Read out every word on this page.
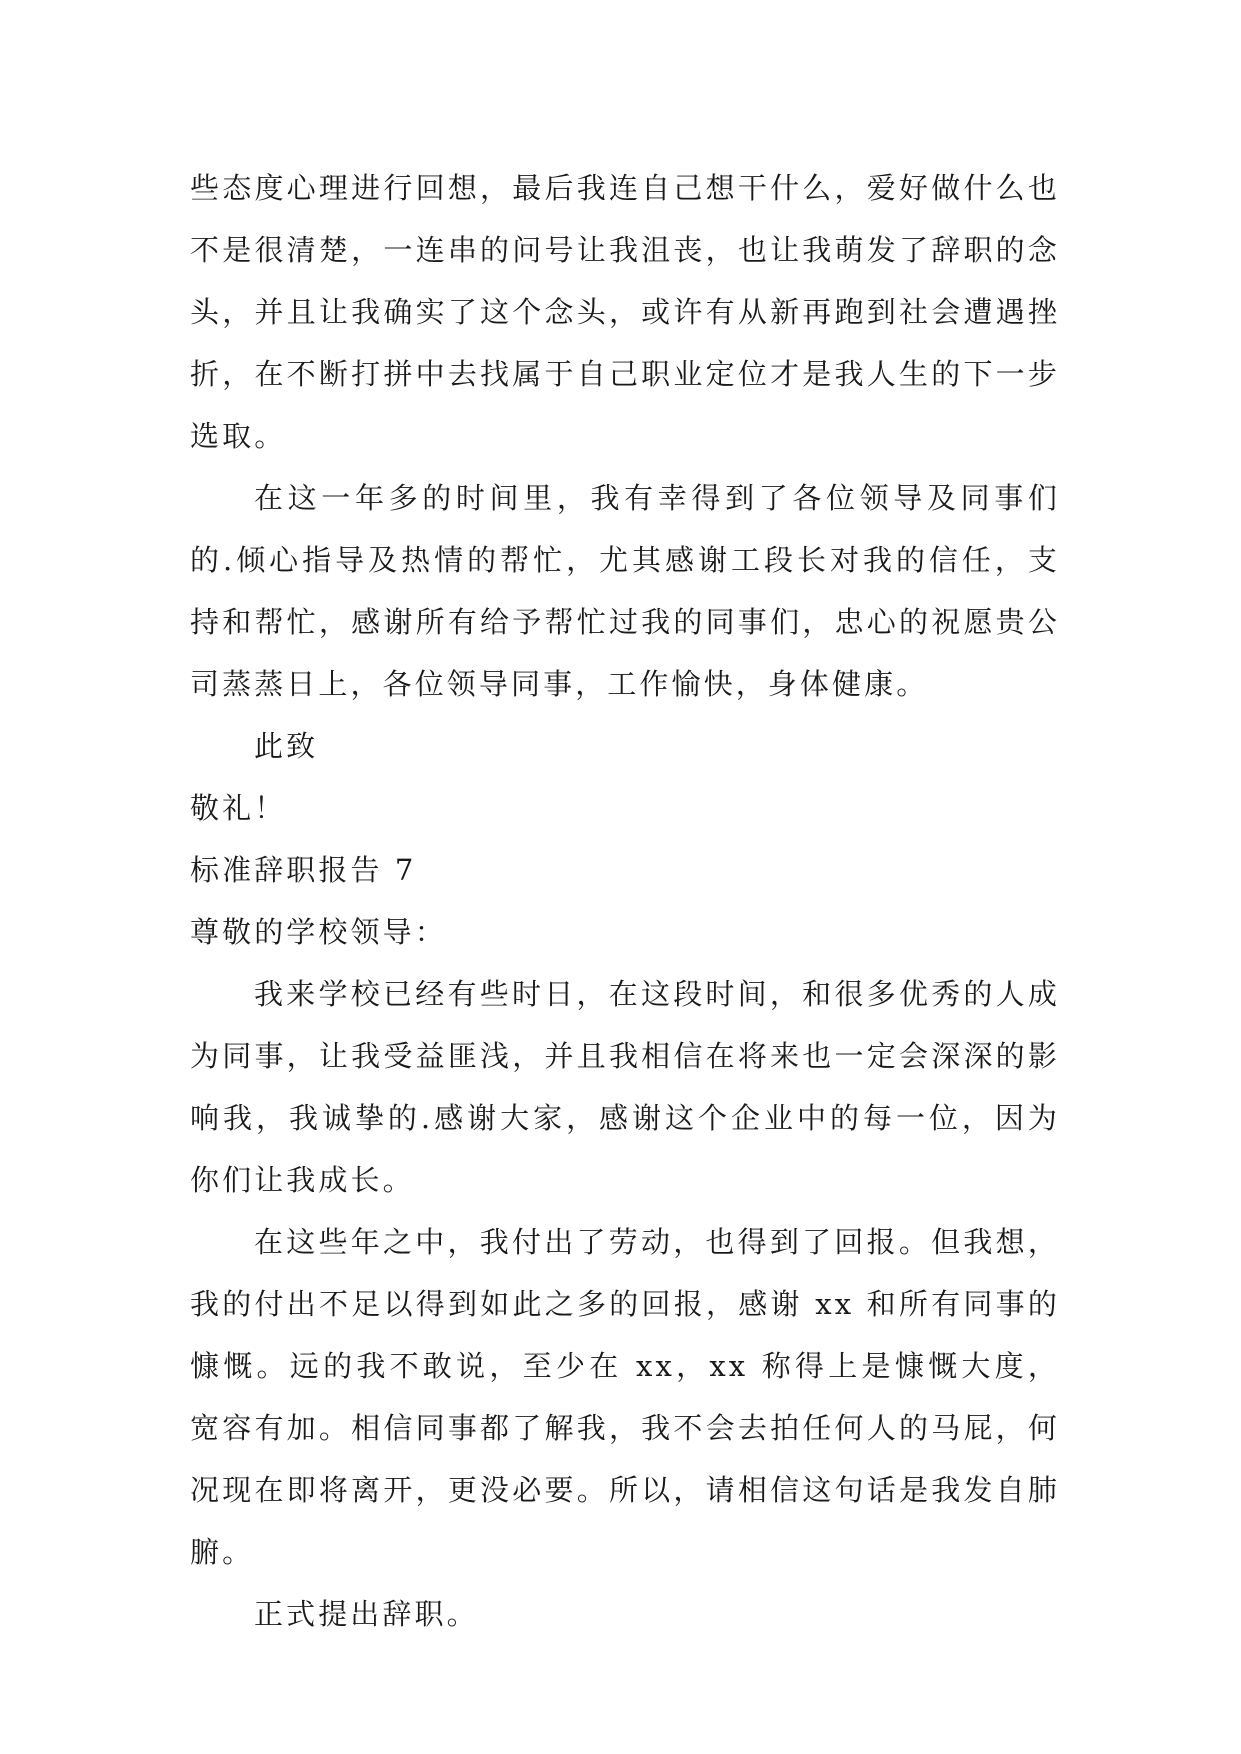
些态度心理进行回想，最后我连自己想干什么，爱好做什么也不是很清楚，一连串的问号让我沮丧，也让我萌发了辞职的念头，并且让我确实了这个念头，或许有从新再跑到社会遭遇挫折，在不断打拼中去找属于自己职业定位才是我人生的下一步选取。

在这一年多的时间里，我有幸得到了各位领导及同事们的.倾心指导及热情的帮忙，尤其感谢工段长对我的信任，支持和帮忙，感谢所有给予帮忙过我的同事们，忠心的祝愿贵公司蒸蒸日上，各位领导同事，工作愉快，身体健康。

此致

敬礼！

标准辞职报告 7

尊敬的学校领导：

我来学校已经有些时日，在这段时间，和很多优秀的人成为同事，让我受益匪浅，并且我相信在将来也一定会深深的影响我，我诚挚的.感谢大家，感谢这个企业中的每一位，因为你们让我成长。

在这些年之中，我付出了劳动，也得到了回报。但我想，我的付出不足以得到如此之多的回报，感谢 xx 和所有同事的慷慨。远的我不敢说，至少在 xx，xx 称得上是慷慨大度，宽容有加。相信同事都了解我，我不会去拍任何人的马屁，何况现在即将离开，更没必要。所以，请相信这句话是我发自肺腑。

正式提出辞职。
